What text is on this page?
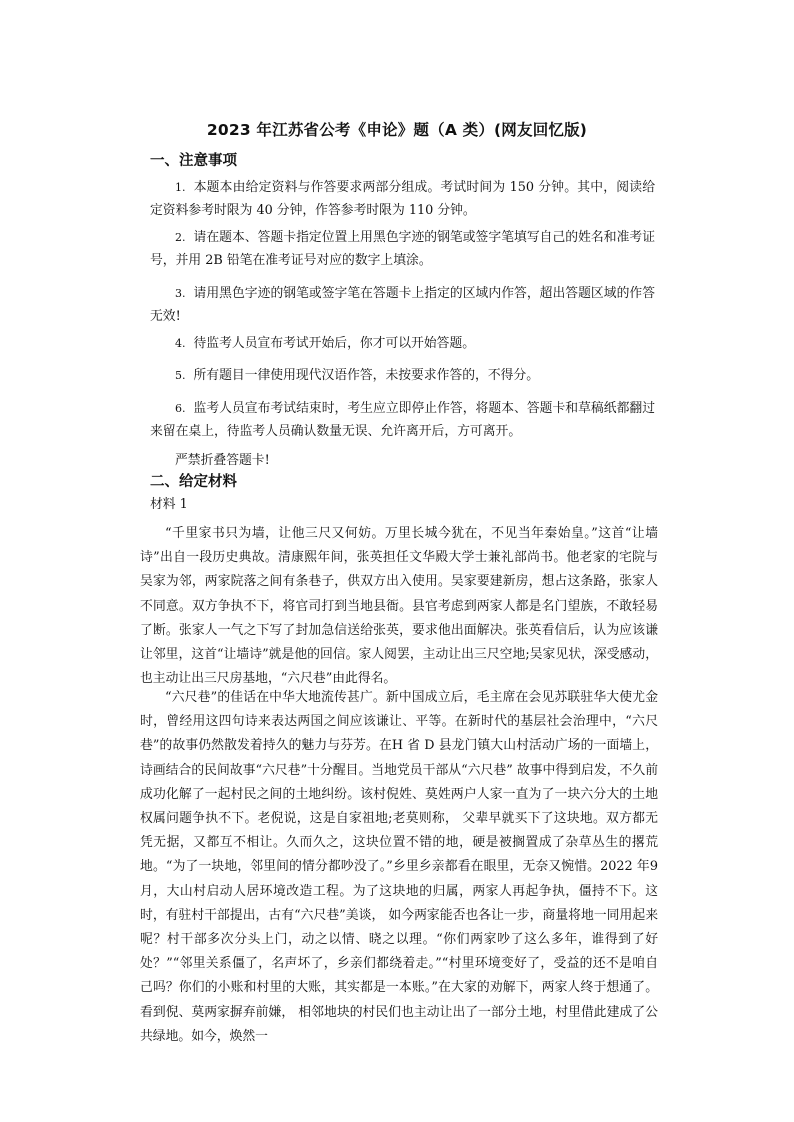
2023 年江苏省公考《申论》题（A 类）(网友回忆版)
一、注意事项
1. 本题本由给定资料与作答要求两部分组成。考试时间为 150 分钟。其中，阅读给定资料参考时限为 40 分钟，作答参考时限为 110 分钟。
2. 请在题本、答题卡指定位置上用黑色字迹的钢笔或签字笔填写自己的姓名和准考证号，并用 2B 铅笔在准考证号对应的数字上填涂。
3. 请用黑色字迹的钢笔或签字笔在答题卡上指定的区域内作答，超出答题区域的作答无效!
4. 待监考人员宣布考试开始后，你才可以开始答题。
5. 所有题目一律使用现代汉语作答，未按要求作答的，不得分。
6. 监考人员宣布考试结束时，考生应立即停止作答，将题本、答题卡和草稿纸都翻过来留在桌上，待监考人员确认数量无误、允许离开后，方可离开。
严禁折叠答题卡!
二、给定材料
材料 1
“千里家书只为墙，让他三尺又何妨。万里长城今犹在，不见当年秦始皇。”这首“让墙诗”出自一段历史典故。清康熙年间，张英担任文华殿大学士兼礼部尚书。他老家的宅院与吴家为邻，两家院落之间有条巷子，供双方出入使用。吴家要建新房，想占这条路，张家人不同意。双方争执不下，将官司打到当地县衙。县官考虑到两家人都是名门望族，不敢轻易了断。张家人一气之下写了封加急信送给张英，要求他出面解决。张英看信后，认为应该谦让邻里，这首“让墙诗”就是他的回信。家人阅罢，主动让出三尺空地;吴家见状，深受感动，也主动让出三尺房基地，“六尺巷”由此得名。
“六尺巷”的佳话在中华大地流传甚广。新中国成立后，毛主席在会见苏联驻华大使尤金时，曾经用这四句诗来表达两国之间应该谦让、平等。在新时代的基层社会治理中，“六尺巷”的故事仍然散发着持久的魅力与芬芳。在H 省 D 县龙门镇大山村活动广场的一面墙上，诗画结合的民间故事“六尺巷”十分醒目。当地党员干部从“六尺巷” 故事中得到启发，不久前成功化解了一起村民之间的土地纠纷。该村倪姓、莫姓两户人家一直为了一块六分大的土地权属问题争执不下。老倪说，这是自家祖地;老莫则称， 父辈早就买下了这块地。双方都无凭无据，又都互不相让。久而久之，这块位置不错的地，硬是被搁置成了杂草丛生的撂荒地。“为了一块地，邻里间的情分都吵没了。”乡里乡亲都看在眼里，无奈又惋惜。2022 年9 月，大山村启动人居环境改造工程。为了这块地的归属，两家人再起争执，僵持不下。这时，有驻村干部提出，古有“六尺巷”美谈， 如今两家能否也各让一步，商量将地一同用起来呢？村干部多次分头上门，动之以情、晓之以理。“你们两家吵了这么多年，谁得到了好处？”“邻里关系僵了，名声坏了，乡亲们都绕着走。”“村里环境变好了，受益的还不是咱自己吗？你们的小账和村里的大账，其实都是一本账。”在大家的劝解下，两家人终于想通了。看到倪、莫两家摒弃前嫌， 相邻地块的村民们也主动让出了一部分土地，村里借此建成了公共绿地。如今，焕然一
